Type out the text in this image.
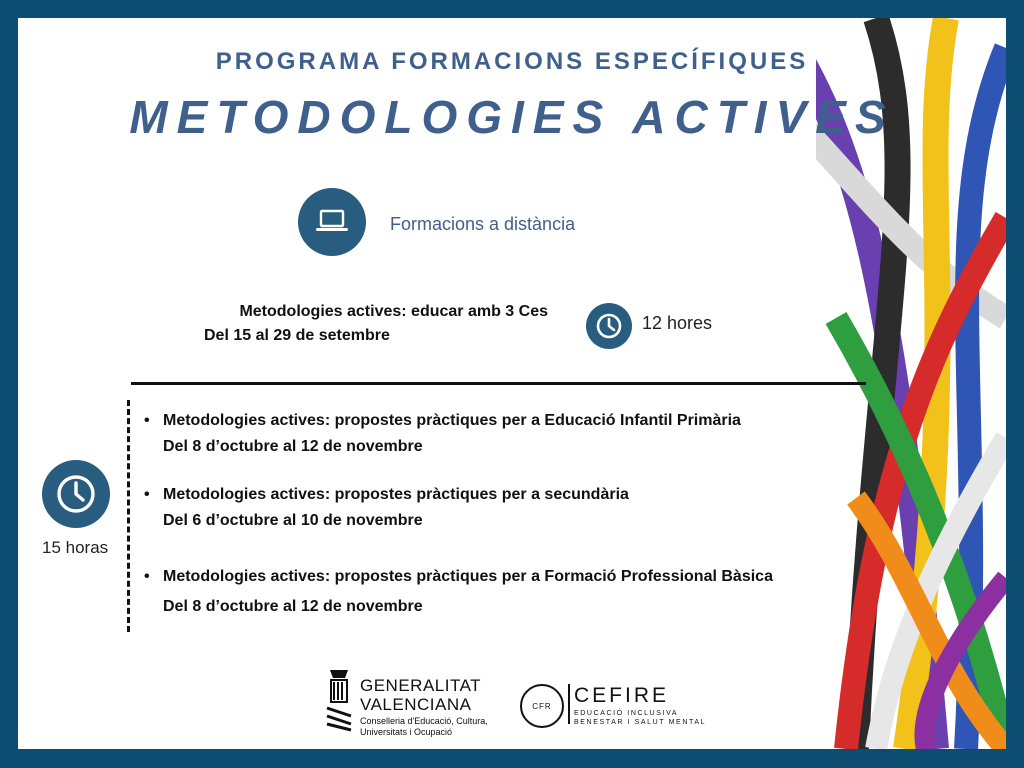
PROGRAMA FORMACIONS ESPECÍFIQUES
METODOLOGIES ACTIVES
Formacions a distància
Metodologies actives: educar amb 3 Ces
Del 15 al 29 de setembre
12 hores
15 horas
• Metodologies actives: propostes pràctiques per a Educació Infantil Primària
Del 8 d’octubre al 12 de novembre
• Metodologies actives: propostes pràctiques per a secundària
Del 6 d’octubre al 10 de novembre
• Metodologies actives: propostes pràctiques per a Formació Professional Bàsica
Del 8 d’octubre al 12 de novembre
GENERALITAT
VALENCIANA
Conselleria d'Educació, Cultura, Universitats i Ocupació
CFR	CEFIRE
EDUCACIÓ INCLUSIVA
BENESTAR I SALUT MENTAL
